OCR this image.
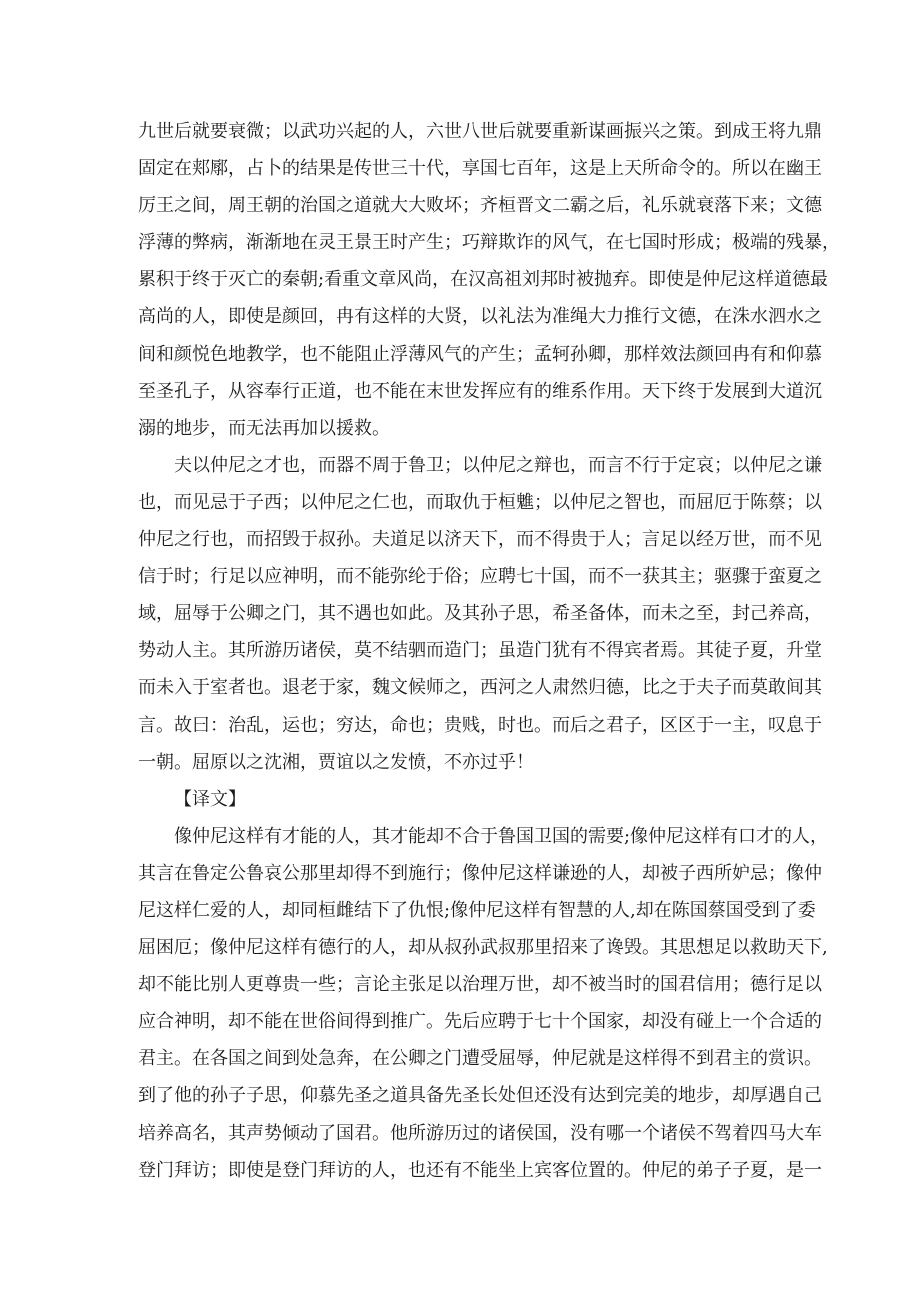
九世后就要衰微；以武功兴起的人，六世八世后就要重新谋画振兴之策。到成王将九鼎
固定在郏鄏，占卜的结果是传世三十代，享国七百年，这是上天所命令的。所以在幽王
厉王之间，周王朝的治国之道就大大败坏；齐桓晋文二霸之后，礼乐就衰落下来；文德
浮薄的弊病，渐渐地在灵王景王时产生；巧辩欺诈的风气，在七国时形成；极端的残暴，
累积于终于灭亡的秦朝;看重文章风尚，在汉高祖刘邦时被抛弃。即使是仲尼这样道德最
高尚的人，即使是颜回，冉有这样的大贤，以礼法为准绳大力推行文德，在洙水泗水之
间和颜悦色地教学，也不能阻止浮薄风气的产生；孟轲孙卿，那样效法颜回冉有和仰慕
至圣孔子，从容奉行正道，也不能在末世发挥应有的维系作用。天下终于发展到大道沉
溺的地步，而无法再加以援救。
夫以仲尼之才也，而器不周于鲁卫；以仲尼之辩也，而言不行于定哀；以仲尼之谦
也，而见忌于子西；以仲尼之仁也，而取仇于桓魋；以仲尼之智也，而屈厄于陈蔡；以
仲尼之行也，而招毁于叔孙。夫道足以济天下，而不得贵于人；言足以经万世，而不见
信于时；行足以应神明，而不能弥纶于俗；应聘七十国，而不一获其主；驱骤于蛮夏之
域，屈辱于公卿之门，其不遇也如此。及其孙子思，希圣备体，而未之至，封己养高，
势动人主。其所游历诸侯，莫不结驷而造门；虽造门犹有不得宾者焉。其徒子夏，升堂
而未入于室者也。退老于家，魏文候师之，西河之人肃然归德，比之于夫子而莫敢间其
言。故曰：治乱，运也；穷达，命也；贵贱，时也。而后之君子，区区于一主，叹息于
一朝。屈原以之沈湘，贾谊以之发愤，不亦过乎！
【译文】
像仲尼这样有才能的人，其才能却不合于鲁国卫国的需要;像仲尼这样有口才的人，
其言在鲁定公鲁哀公那里却得不到施行；像仲尼这样谦逊的人，却被子西所妒忌；像仲
尼这样仁爱的人，却同桓雌结下了仇恨;像仲尼这样有智慧的人,却在陈国蔡国受到了委
屈困厄；像仲尼这样有德行的人，却从叔孙武叔那里招来了谗毁。其思想足以救助天下,
却不能比别人更尊贵一些；言论主张足以治理万世，却不被当时的国君信用；德行足以
应合神明，却不能在世俗间得到推广。先后应聘于七十个国家，却没有碰上一个合适的
君主。在各国之间到处急奔，在公卿之门遭受屈辱，仲尼就是这样得不到君主的赏识。
到了他的孙子子思，仰慕先圣之道具备先圣长处但还没有达到完美的地步，却厚遇自己
培养高名，其声势倾动了国君。他所游历过的诸侯国，没有哪一个诸侯不驾着四马大车
登门拜访；即使是登门拜访的人，也还有不能坐上宾客位置的。仲尼的弟子子夏，是一
